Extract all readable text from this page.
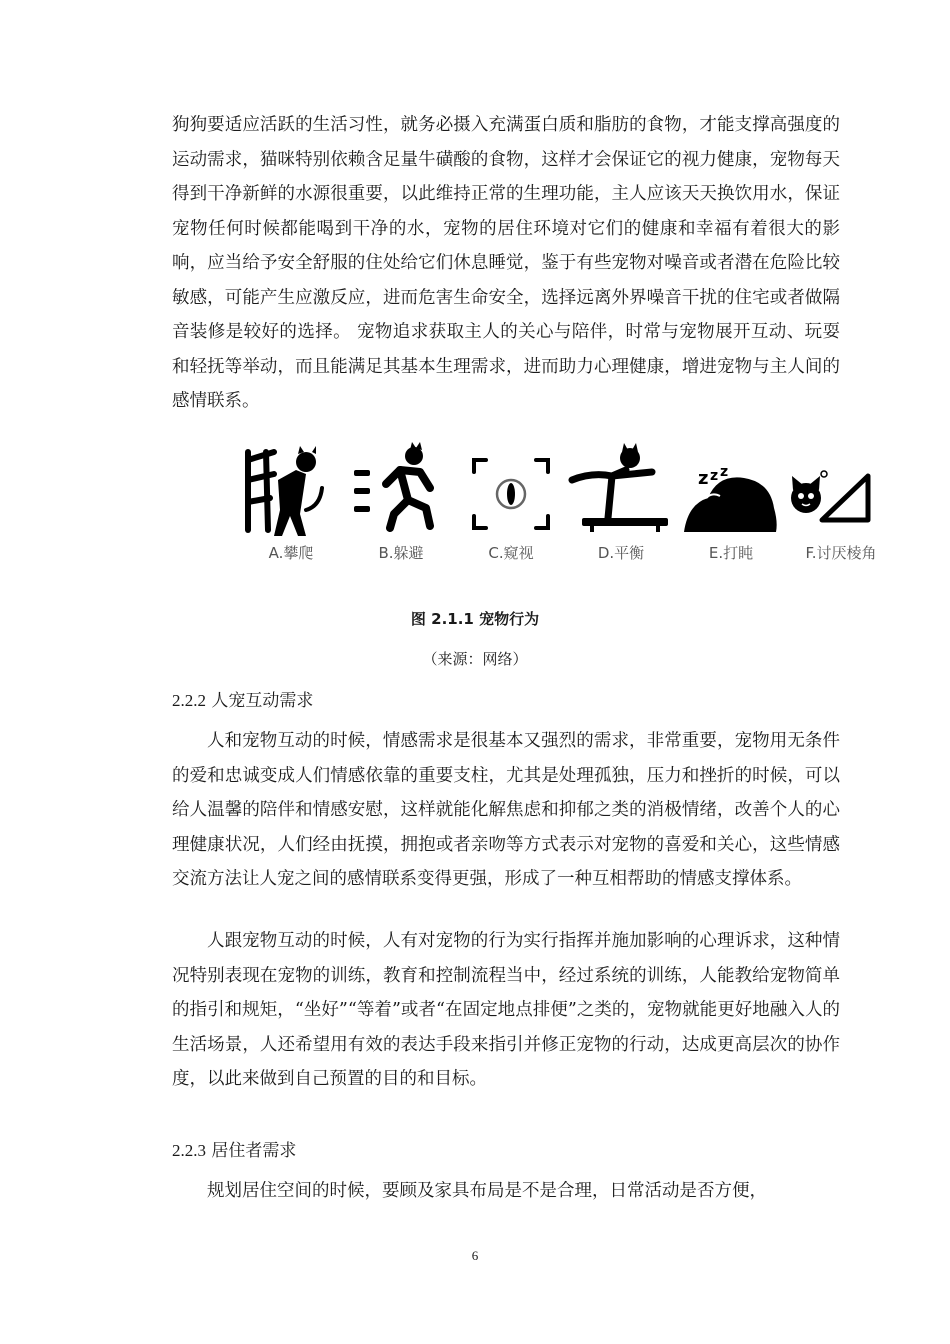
狗狗要适应活跃的生活习性，就务必摄入充满蛋白质和脂肪的食物，才能支撑高强度的运动需求，猫咪特别依赖含足量牛磺酸的食物，这样才会保证它的视力健康，宠物每天得到干净新鲜的水源很重要，以此维持正常的生理功能，主人应该天天换饮用水，保证宠物任何时候都能喝到干净的水，宠物的居住环境对它们的健康和幸福有着很大的影响，应当给予安全舒服的住处给它们休息睡觉，鉴于有些宠物对噪音或者潜在危险比较敏感，可能产生应激反应，进而危害生命安全，选择远离外界噪音干扰的住宅或者做隔音装修是较好的选择。 宠物追求获取主人的关心与陪伴，时常与宠物展开互动、玩耍和轻抚等举动，而且能满足其基本生理需求，进而助力心理健康，增进宠物与主人间的感情联系。

A.攀爬	B.躲避	C.窥视	D.平衡
z z z
E.打盹	F.讨厌棱角

图 2.1.1 宠物行为

（来源：网络）

2.2.2 人宠互动需求

人和宠物互动的时候，情感需求是很基本又强烈的需求，非常重要，宠物用无条件的爱和忠诚变成人们情感依靠的重要支柱，尤其是处理孤独，压力和挫折的时候，可以给人温馨的陪伴和情感安慰，这样就能化解焦虑和抑郁之类的消极情绪，改善个人的心理健康状况，人们经由抚摸，拥抱或者亲吻等方式表示对宠物的喜爱和关心，这些情感交流方法让人宠之间的感情联系变得更强，形成了一种互相帮助的情感支撑体系。

人跟宠物互动的时候，人有对宠物的行为实行指挥并施加影响的心理诉求，这种情况特别表现在宠物的训练，教育和控制流程当中，经过系统的训练，人能教给宠物简单的指引和规矩，“坐好”“等着”或者“在固定地点排便”之类的，宠物就能更好地融入人的生活场景，人还希望用有效的表达手段来指引并修正宠物的行动，达成更高层次的协作度，以此来做到自己预置的目的和目标。

2.2.3 居住者需求

规划居住空间的时候，要顾及家具布局是不是合理，日常活动是否方便，

6
